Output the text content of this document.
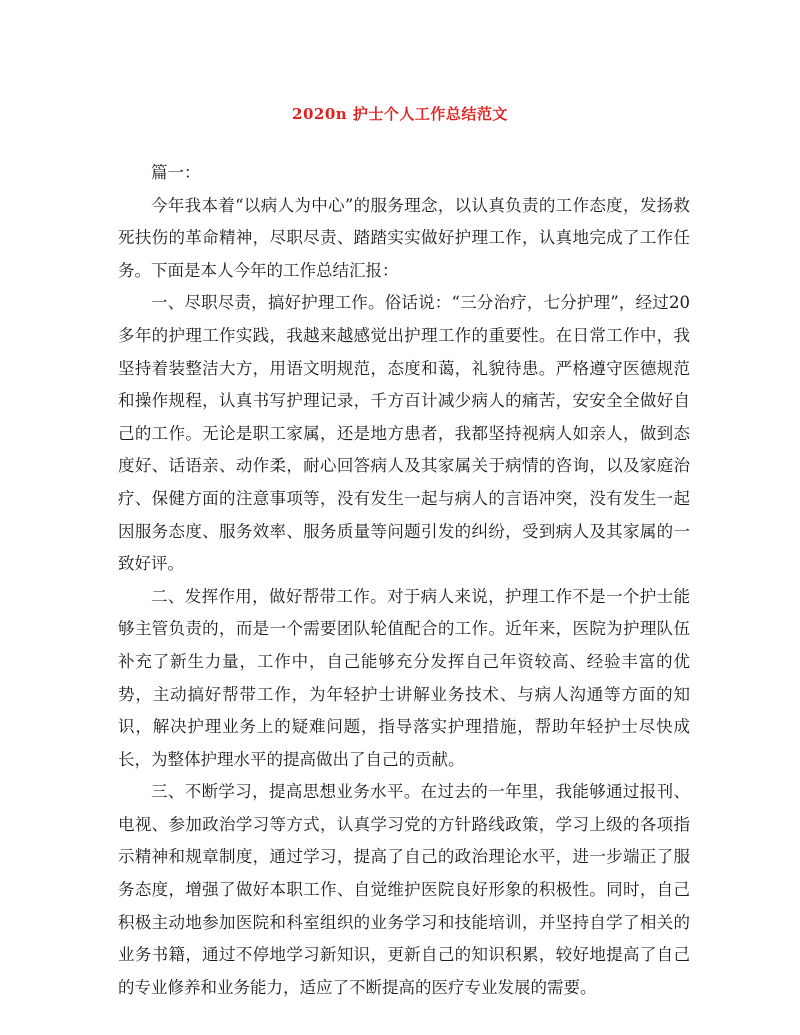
2020n 护士个人工作总结范文

篇一：

今年我本着“以病人为中心”的服务理念，以认真负责的工作态度，发扬救死扶伤的革命精神，尽职尽责、踏踏实实做好护理工作，认真地完成了工作任务。下面是本人今年的工作总结汇报：

一、尽职尽责，搞好护理工作。俗话说：“三分治疗，七分护理”，经过20多年的护理工作实践，我越来越感觉出护理工作的重要性。在日常工作中，我坚持着装整洁大方，用语文明规范，态度和蔼，礼貌待患。严格遵守医德规范和操作规程，认真书写护理记录，千方百计减少病人的痛苦，安安全全做好自己的工作。无论是职工家属，还是地方患者，我都坚持视病人如亲人，做到态度好、话语亲、动作柔，耐心回答病人及其家属关于病情的咨询，以及家庭治疗、保健方面的注意事项等，没有发生一起与病人的言语冲突，没有发生一起因服务态度、服务效率、服务质量等问题引发的纠纷，受到病人及其家属的一致好评。

二、发挥作用，做好帮带工作。对于病人来说，护理工作不是一个护士能够主管负责的，而是一个需要团队轮值配合的工作。近年来，医院为护理队伍补充了新生力量，工作中，自己能够充分发挥自己年资较高、经验丰富的优势，主动搞好帮带工作，为年轻护士讲解业务技术、与病人沟通等方面的知识，解决护理业务上的疑难问题，指导落实护理措施，帮助年轻护士尽快成长，为整体护理水平的提高做出了自己的贡献。

三、不断学习，提高思想业务水平。在过去的一年里，我能够通过报刊、电视、参加政治学习等方式，认真学习党的方针路线政策，学习上级的各项指示精神和规章制度，通过学习，提高了自己的政治理论水平，进一步端正了服务态度，增强了做好本职工作、自觉维护医院良好形象的积极性。同时，自己积极主动地参加医院和科室组织的业务学习和技能培训，并坚持自学了相关的业务书籍，通过不停地学习新知识，更新自己的知识积累，较好地提高了自己的专业修养和业务能力，适应了不断提高的医疗专业发展的需要。
